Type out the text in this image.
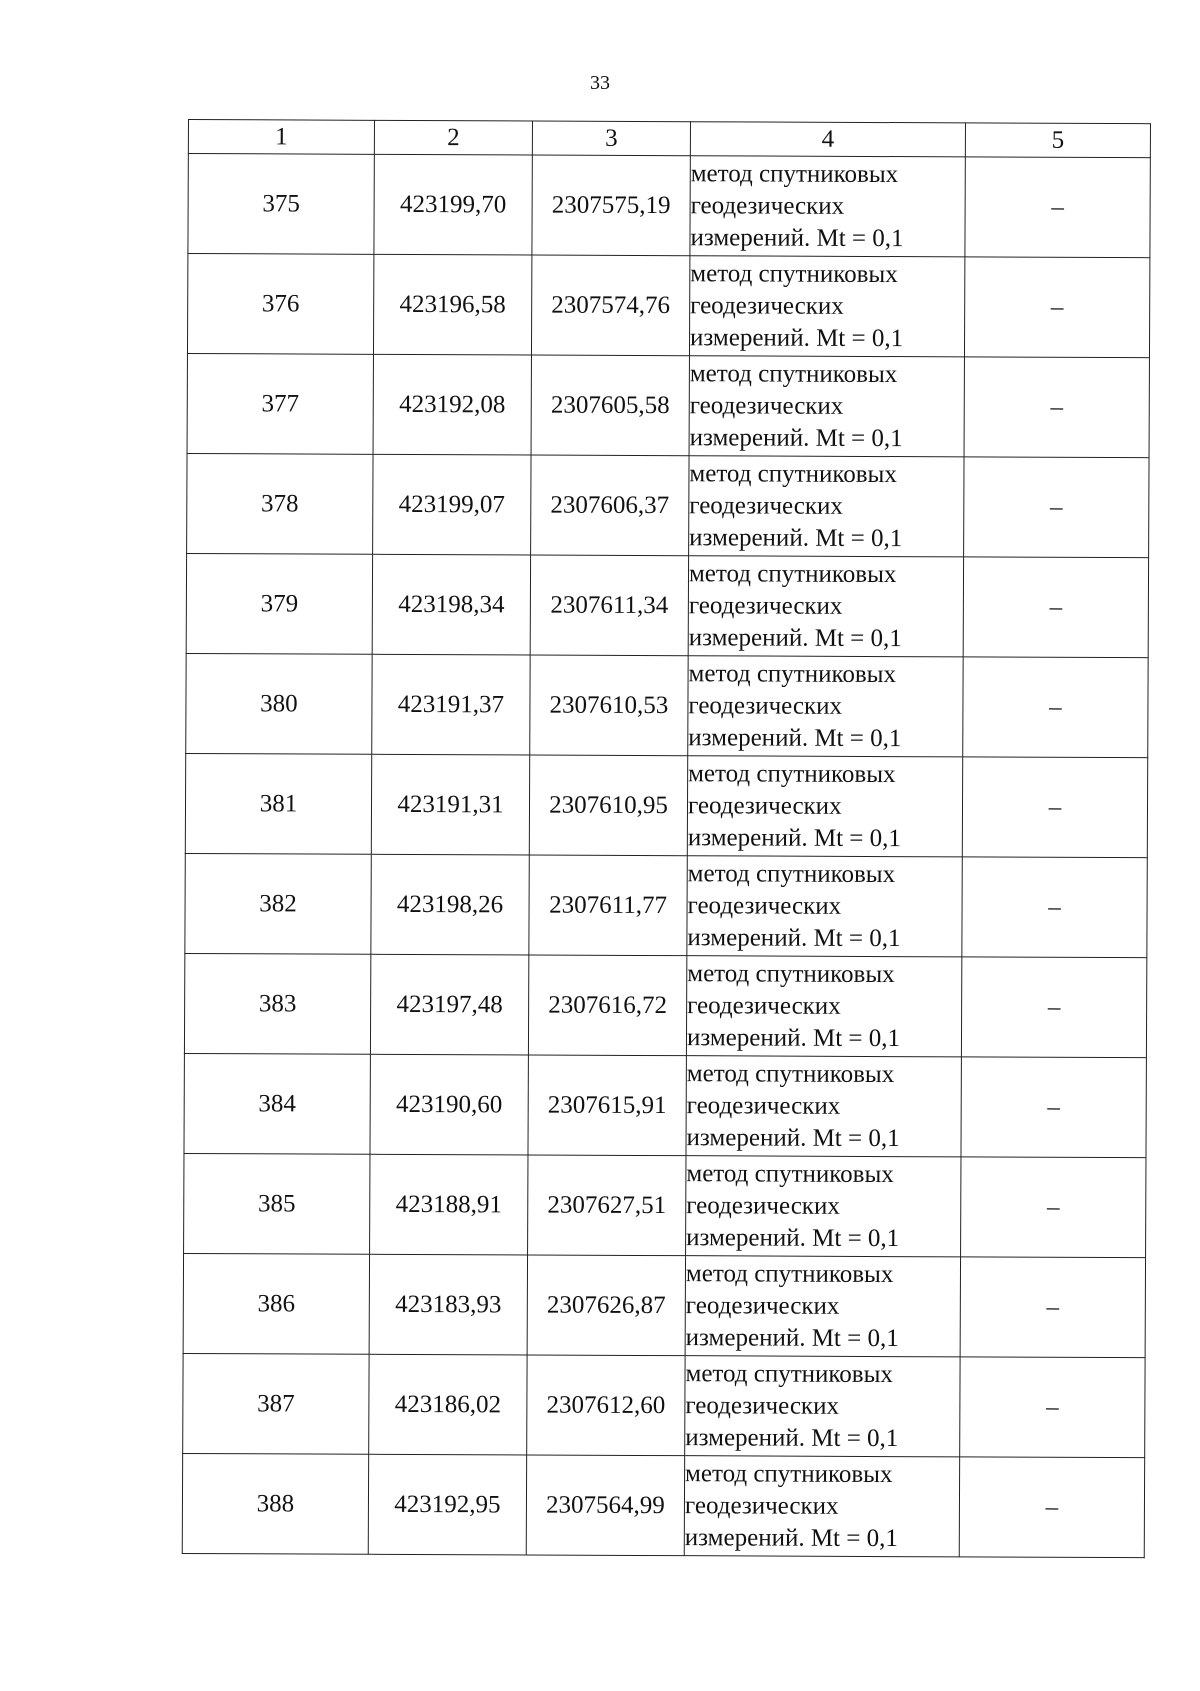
33
1	2	3	4	5
375	423199,70	2307575,19	метод спутниковых
геодезических
измерений. Mt = 0,1	–
376	423196,58	2307574,76	метод спутниковых
геодезических
измерений. Mt = 0,1	–
377	423192,08	2307605,58	метод спутниковых
геодезических
измерений. Mt = 0,1	–
378	423199,07	2307606,37	метод спутниковых
геодезических
измерений. Mt = 0,1	–
379	423198,34	2307611,34	метод спутниковых
геодезических
измерений. Mt = 0,1	–
380	423191,37	2307610,53	метод спутниковых
геодезических
измерений. Mt = 0,1	–
381	423191,31	2307610,95	метод спутниковых
геодезических
измерений. Mt = 0,1	–
382	423198,26	2307611,77	метод спутниковых
геодезических
измерений. Mt = 0,1	–
383	423197,48	2307616,72	метод спутниковых
геодезических
измерений. Mt = 0,1	–
384	423190,60	2307615,91	метод спутниковых
геодезических
измерений. Mt = 0,1	–
385	423188,91	2307627,51	метод спутниковых
геодезических
измерений. Mt = 0,1	–
386	423183,93	2307626,87	метод спутниковых
геодезических
измерений. Mt = 0,1	–
387	423186,02	2307612,60	метод спутниковых
геодезических
измерений. Mt = 0,1	–
388	423192,95	2307564,99	метод спутниковых
геодезических
измерений. Mt = 0,1	–
